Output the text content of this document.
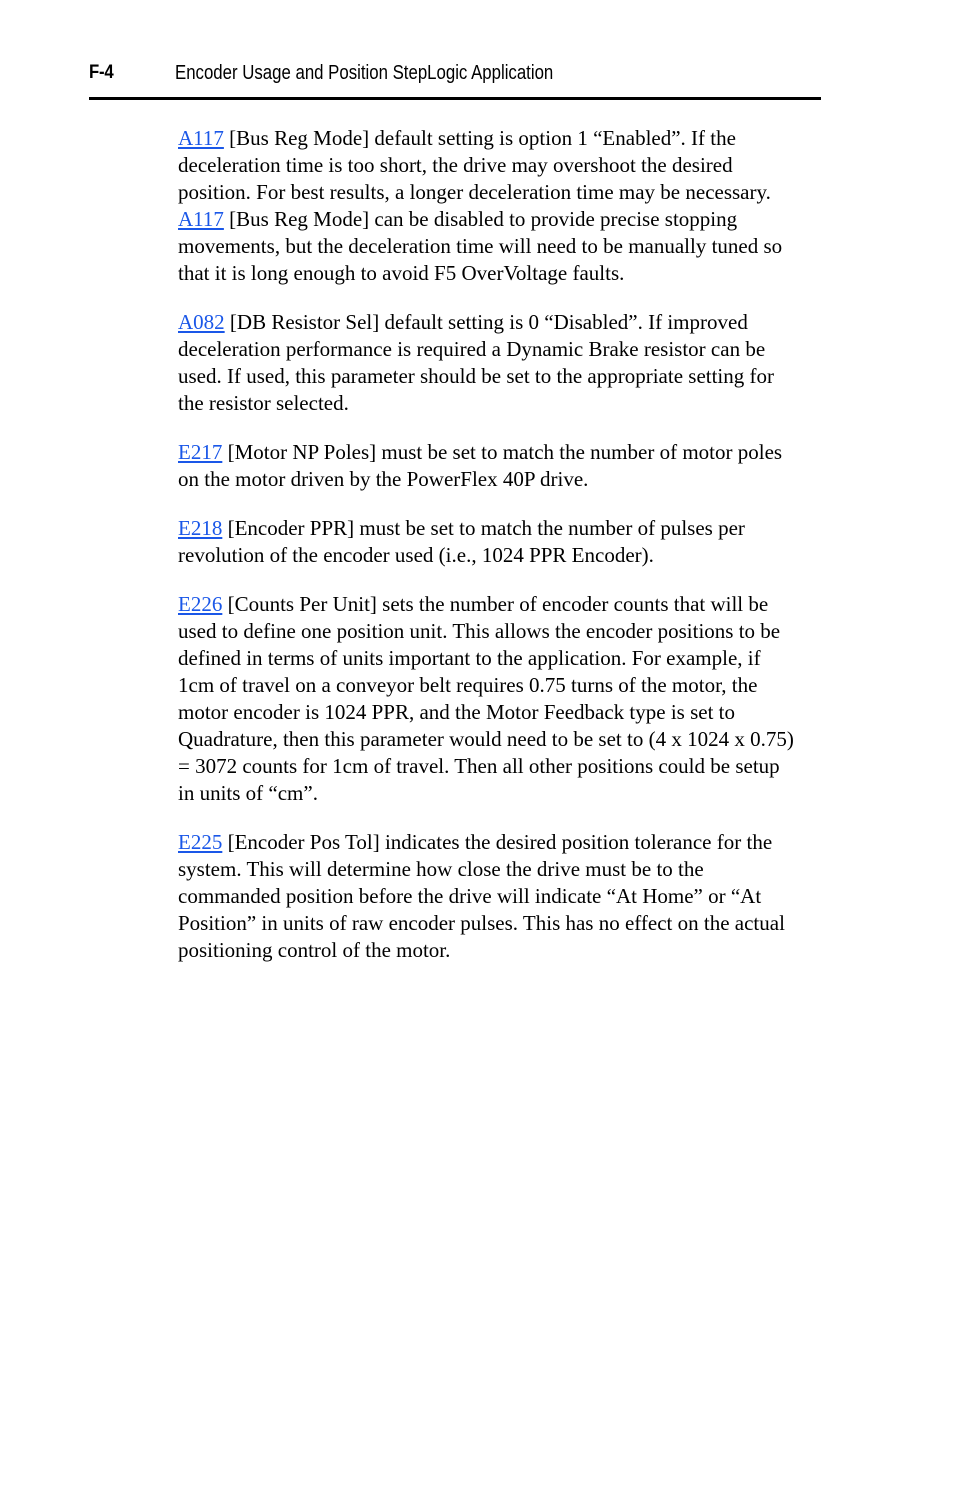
F-4	Encoder Usage and Position StepLogic Application

A117 [Bus Reg Mode] default setting is option 1 “Enabled”. If the
deceleration time is too short, the drive may overshoot the desired
position. For best results, a longer deceleration time may be necessary.
A117 [Bus Reg Mode] can be disabled to provide precise stopping
movements, but the deceleration time will need to be manually tuned so
that it is long enough to avoid F5 OverVoltage faults.

A082 [DB Resistor Sel] default setting is 0 “Disabled”. If improved
deceleration performance is required a Dynamic Brake resistor can be
used. If used, this parameter should be set to the appropriate setting for
the resistor selected.

E217 [Motor NP Poles] must be set to match the number of motor poles
on the motor driven by the PowerFlex 40P drive.

E218 [Encoder PPR] must be set to match the number of pulses per
revolution of the encoder used (i.e., 1024 PPR Encoder).

E226 [Counts Per Unit] sets the number of encoder counts that will be
used to define one position unit. This allows the encoder positions to be
defined in terms of units important to the application. For example, if
1cm of travel on a conveyor belt requires 0.75 turns of the motor, the
motor encoder is 1024 PPR, and the Motor Feedback type is set to
Quadrature, then this parameter would need to be set to (4 x 1024 x 0.75)
= 3072 counts for 1cm of travel. Then all other positions could be setup
in units of “cm”.

E225 [Encoder Pos Tol] indicates the desired position tolerance for the
system. This will determine how close the drive must be to the
commanded position before the drive will indicate “At Home” or “At
Position” in units of raw encoder pulses. This has no effect on the actual
positioning control of the motor.
